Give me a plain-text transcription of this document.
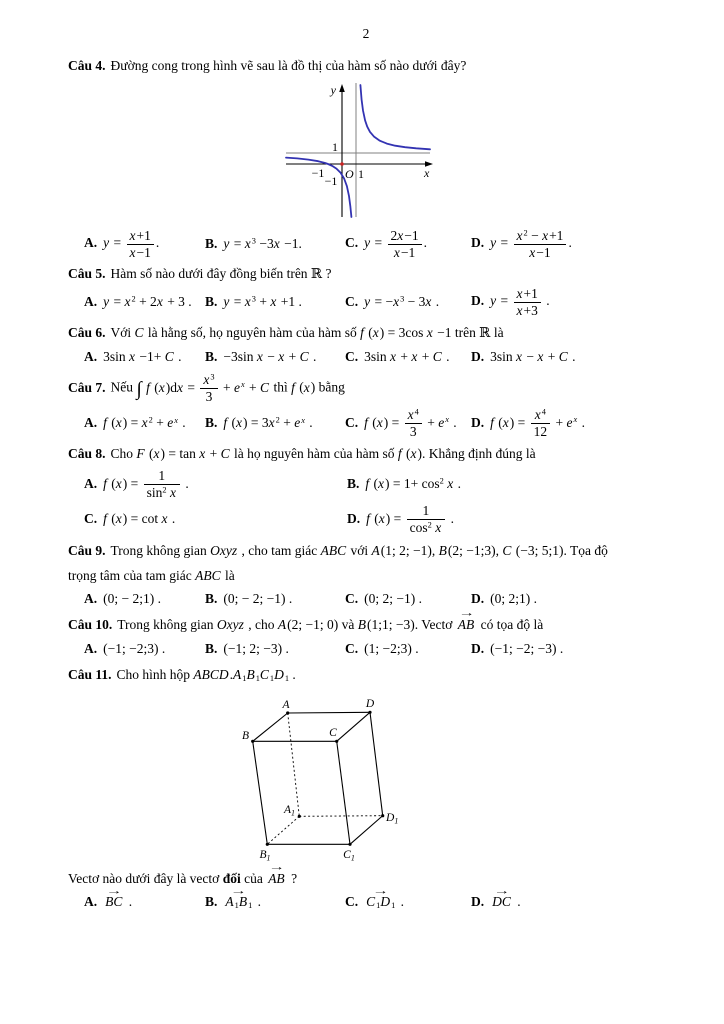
2

Câu 4. Đường cong trong hình vẽ sau là đồ thị của hàm số nào dưới đây?

y
x
O
1
1
−1
−1
A. $y = \frac{x+1}{x-1}$ .	B. $y = x^3 -3x -1$.	C. $y = \frac{2x-1}{x-1}$ .	D. $y = \frac{x^2 - x+1}{x-1}$ .

Câu 5. Hàm số nào dưới đây đồng biến trên ℝ ?

A. $y = x^2 + 2x + 3$ . B. $y = x^3 + x +1$ .	C. $y = -x^3 - 3x$ .	D. $y = \frac{x+1}{x+3}$ .

Câu 6. Với C là hằng số, họ nguyên hàm của hàm số f (x) = 3cos x −1 trên ℝ là

A. 3sin x −1+ C .	B. −3sin x − x + C .	C. 3sin x + x + C .	D. 3sin x − x + C .

Câu 7. Nếu ∫ f $(x)dx = \frac{x^3}{3} + e^x + C$ thì f (x) bằng

A. f $(x) = x^2 + e^x$ .	B. f $(x) = 3x^2 + e^x$ .	C. f $(x) = \frac{x^4}{3} + e^x$ .	D. f $(x) = \frac{x^4}{12} + e^x$ .

Câu 8. Cho F (x) = tan x + C là họ nguyên hàm của hàm số f (x). Khẳng định đúng là

A. f $(x) = \frac{1}{\sin^2 x}$ .	B. f $(x) = 1+ \cos^2 x$ .
C. f (x) = cot x .	D. f $(x) = \frac{1}{\cos^2 x}$ .

Câu 9. Trong không gian Oxyz , cho tam giác ABC với A(1; 2; −1), B(2; −1;3), C (−3; 5;1). Tọa độ

trọng tâm của tam giác ABC là

A. (0; − 2;1) .	B. (0; − 2; −1) .	C. (0; 2; −1) .	D. (0; 2;1) .

Câu 10. Trong không gian Oxyz , cho A(2; −1; 0) và B(1;1; −3). Vectơ → AB có tọa độ là

A. (−1; −2;3) .	B. (−1; 2; −3) .	C. (1; −2;3) .	D. (−1; −2; −3) .

Câu 11. Cho hình hộp $ABCD.A_1B_1C_1D_1$ .

A	D
B	C
$A_1$	$D_1$
$B_1$	$C_1$

Vectơ nào dưới đây là vectơ đối của → AB ?

A. → BC .	B. → $A_1B_1$ .	C. → $C_1D_1$ .	D. → DC .
